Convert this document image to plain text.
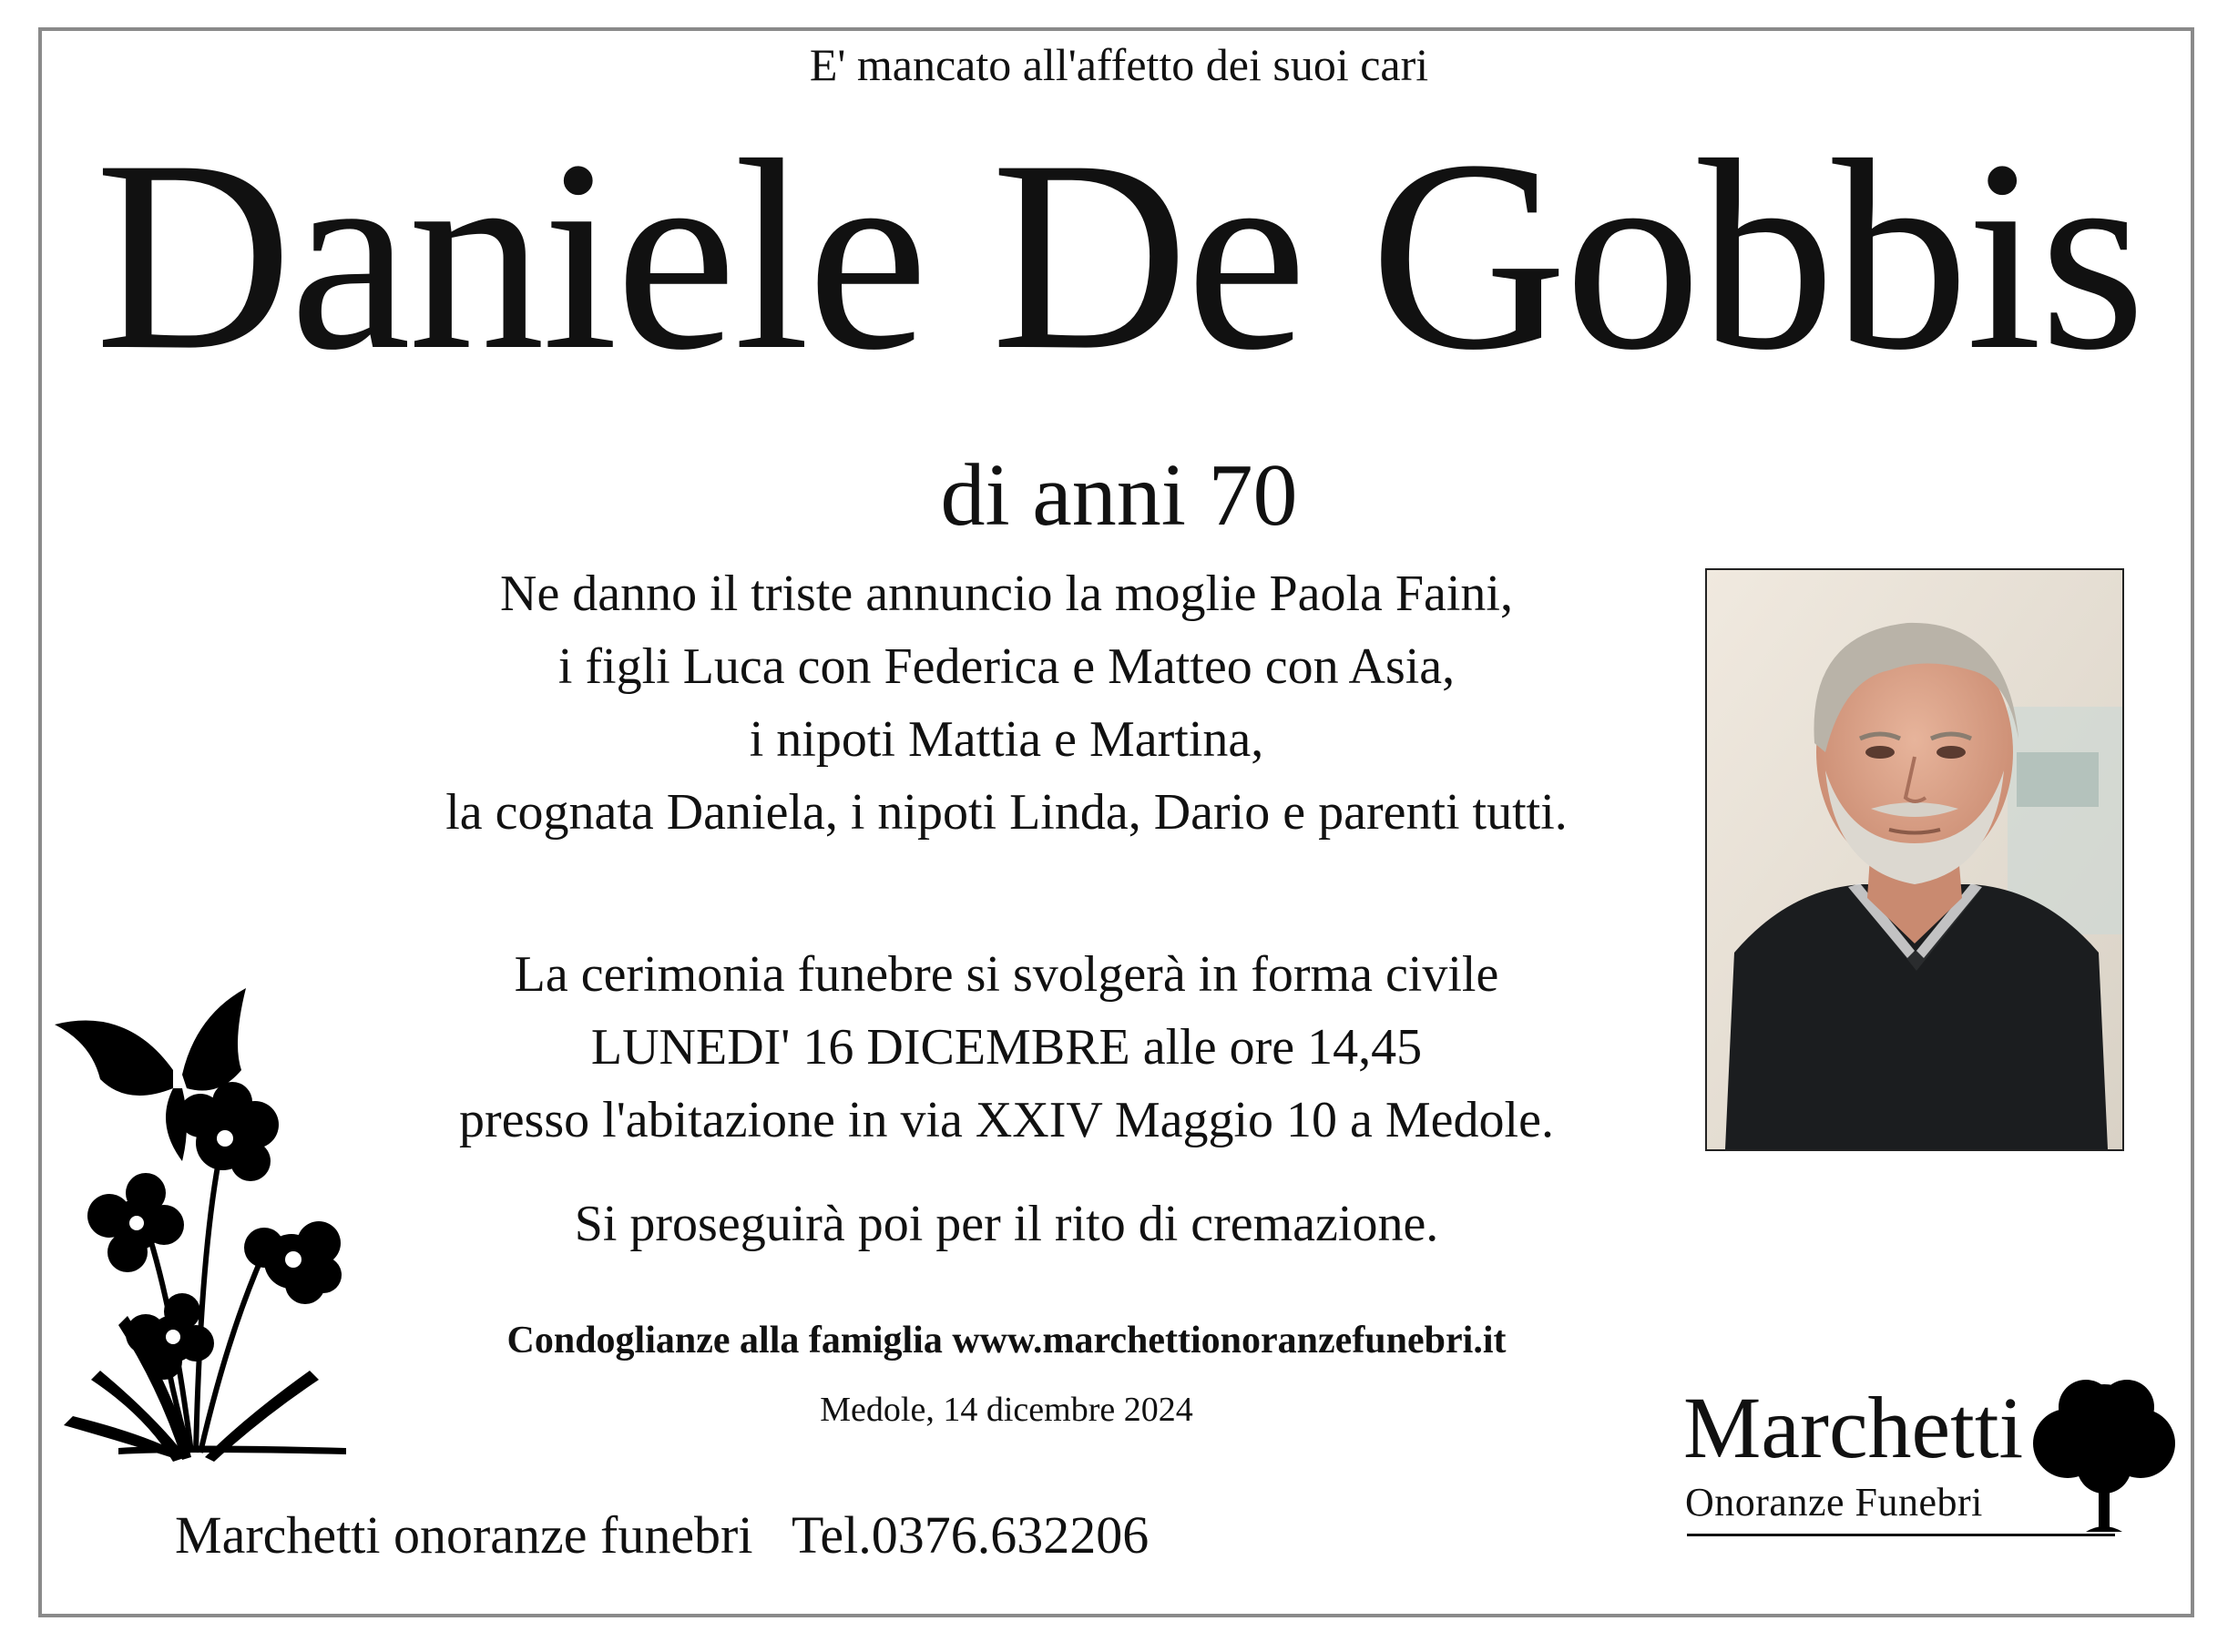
E' mancato all'affetto dei suoi cari
Daniele De Gobbis
di anni 70
Ne danno il triste annuncio la moglie Paola Faini,
i figli Luca con Federica e Matteo con Asia,
i nipoti Mattia e Martina,
la cognata Daniela, i nipoti Linda, Dario e parenti tutti.
La cerimonia funebre si svolgerà in forma civile
LUNEDI' 16 DICEMBRE alle ore 14,45
presso l'abitazione in via XXIV Maggio 10 a Medole.
Si proseguirà poi per il rito di cremazione.
Condoglianze alla famiglia www.marchettionoranzefunebri.it
Medole, 14 dicembre 2024
Marchetti onoranze funebri Tel.0376.632206
Marchetti
Onoranze Funebri
